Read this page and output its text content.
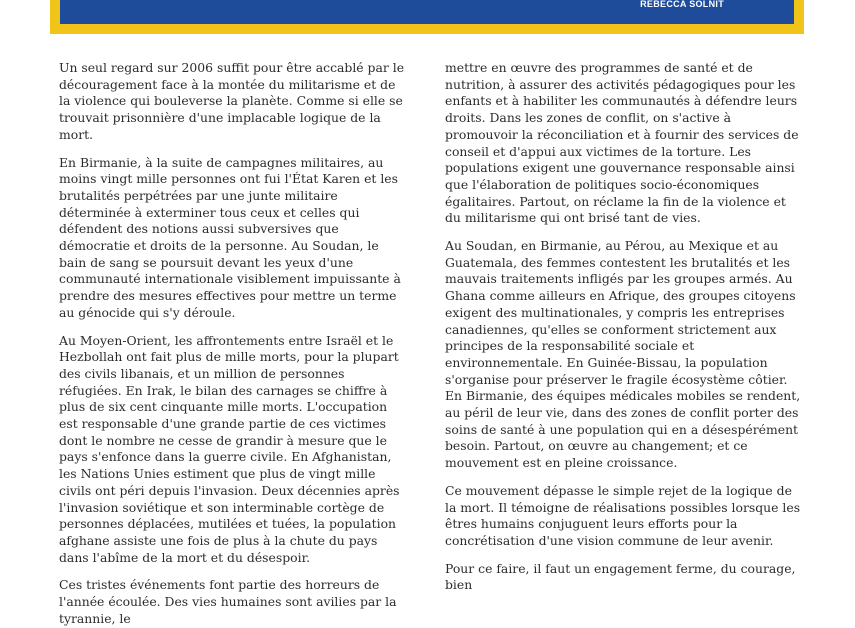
REBECCA SOLNIT

Un seul regard sur 2006 suffit pour être accablé par le découragement face à la montée du militarisme et de la violence qui bouleverse la planète. Comme si elle se trouvait prisonnière d'une implacable logique de la mort.

En Birmanie, à la suite de campagnes militaires, au moins vingt mille personnes ont fui l'État Karen et les brutalités perpétrées par une junte militaire déterminée à exterminer tous ceux et celles qui défendent des notions aussi subversives que démocratie et droits de la personne. Au Soudan, le bain de sang se poursuit devant les yeux d'une communauté internationale visiblement impuissante à prendre des mesures effectives pour mettre un terme au génocide qui s'y déroule.

Au Moyen-Orient, les affrontements entre Israël et le Hezbollah ont fait plus de mille morts, pour la plupart des civils libanais, et un million de personnes réfugiées. En Irak, le bilan des carnages se chiffre à plus de six cent cinquante mille morts. L'occupation est responsable d'une grande partie de ces victimes dont le nombre ne cesse de grandir à mesure que le pays s'enfonce dans la guerre civile. En Afghanistan, les Nations Unies estiment que plus de vingt mille civils ont péri depuis l'invasion. Deux décennies après l'invasion soviétique et son interminable cortège de personnes déplacées, mutilées et tuées, la population afghane assiste une fois de plus à la chute du pays dans l'abîme de la mort et du désespoir.

Ces tristes événements font partie des horreurs de l'année écoulée. Des vies humaines sont avilies par la tyrannie, le

mettre en œuvre des programmes de santé et de nutrition, à assurer des activités pédagogiques pour les enfants et à habiliter les communautés à défendre leurs droits. Dans les zones de conflit, on s'active à promouvoir la réconciliation et à fournir des services de conseil et d'appui aux victimes de la torture. Les populations exigent une gouvernance responsable ainsi que l'élaboration de politiques socio-économiques égalitaires. Partout, on réclame la fin de la violence et du militarisme qui ont brisé tant de vies.

Au Soudan, en Birmanie, au Pérou, au Mexique et au Guatemala, des femmes contestent les brutalités et les mauvais traitements infligés par les groupes armés. Au Ghana comme ailleurs en Afrique, des groupes citoyens exigent des multinationales, y compris les entreprises canadiennes, qu'elles se conforment strictement aux principes de la responsabilité sociale et environnementale. En Guinée-Bissau, la population s'organise pour préserver le fragile écosystème côtier. En Birmanie, des équipes médicales mobiles se rendent, au péril de leur vie, dans des zones de conflit porter des soins de santé à une population qui en a désespérément besoin. Partout, on œuvre au changement; et ce mouvement est en pleine croissance.

Ce mouvement dépasse le simple rejet de la logique de la mort. Il témoigne de réalisations possibles lorsque les êtres humains conjuguent leurs efforts pour la concrétisation d'une vision commune de leur avenir.

Pour ce faire, il faut un engagement ferme, du courage, bien
